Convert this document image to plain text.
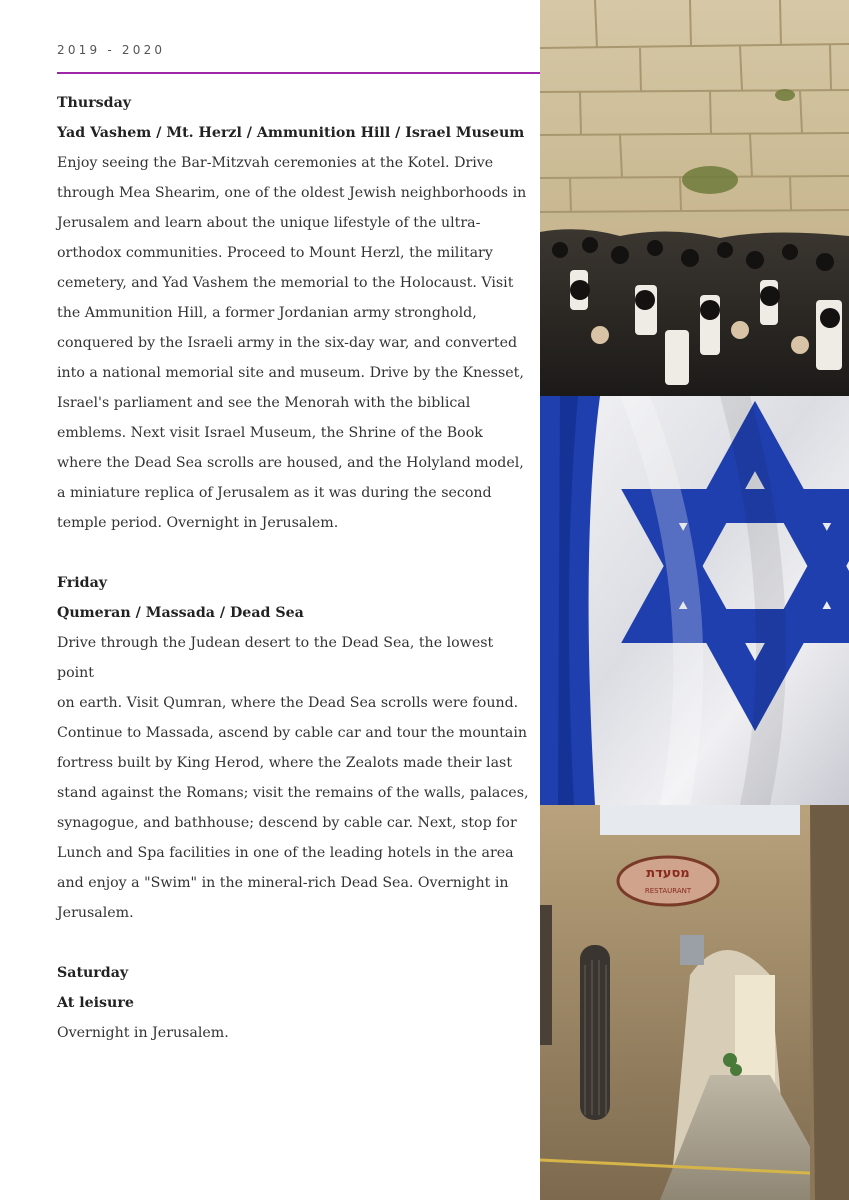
2019 - 2020

Thursday

Yad Vashem / Mt. Herzl / Ammunition Hill / Israel Museum

Enjoy seeing the Bar-Mitzvah ceremonies at the Kotel. Drive
through Mea Shearim, one of the oldest Jewish neighborhoods in
Jerusalem and learn about the unique lifestyle of the ultra-
orthodox communities. Proceed to Mount Herzl, the military
cemetery, and Yad Vashem the memorial to the Holocaust. Visit
the Ammunition Hill, a former Jordanian army stronghold,
conquered by the Israeli army in the six-day war, and converted
into a national memorial site and museum. Drive by the Knesset,
Israel's parliament and see the Menorah with the biblical
emblems. Next visit Israel Museum, the Shrine of the Book
where the Dead Sea scrolls are housed, and the Holyland model,
a miniature replica of Jerusalem as it was during the second
temple period. Overnight in Jerusalem.

Friday

Qumeran / Massada / Dead Sea

Drive through the Judean desert to the Dead Sea, the lowest point
on earth. Visit Qumran, where the Dead Sea scrolls were found.
Continue to Massada, ascend by cable car and tour the mountain
fortress built by King Herod, where the Zealots made their last
stand against the Romans; visit the remains of the walls, palaces,
synagogue, and bathhouse; descend by cable car. Next, stop for
Lunch and Spa facilities in one of the leading hotels in the area
and enjoy a "Swim" in the mineral-rich Dead Sea. Overnight in
Jerusalem.

Saturday

At leisure

Overnight in Jerusalem.
מסעדת
RESTAURANT
